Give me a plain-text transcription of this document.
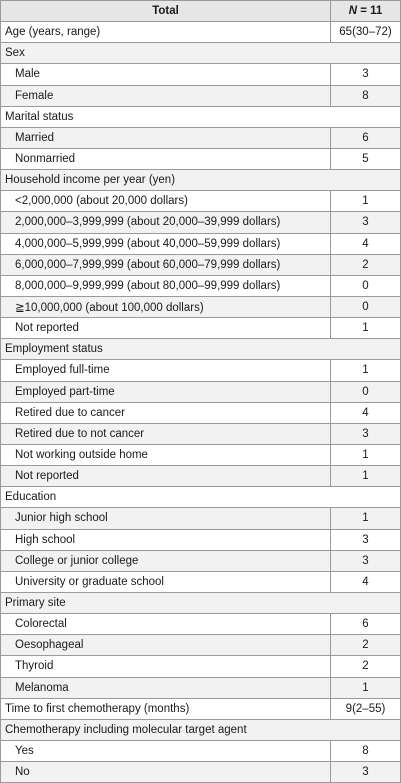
Total	N = 11
Age (years, range)	65(30–72)
Sex	
Male	3
Female	8
Marital status	
Married	6
Nonmarried	5
Household income per year (yen)	
<2,000,000 (about 20,000 dollars)	1
2,000,000–3,999,999 (about 20,000–39,999 dollars)	3
4,000,000–5,999,999 (about 40,000–59,999 dollars)	4
6,000,000–7,999,999 (about 60,000–79,999 dollars)	2
8,000,000–9,999,999 (about 80,000–99,999 dollars)	0
≧10,000,000 (about 100,000 dollars)	0
Not reported	1
Employment status	
Employed full-time	1
Employed part-time	0
Retired due to cancer	4
Retired due to not cancer	3
Not working outside home	1
Not reported	1
Education	
Junior high school	1
High school	3
College or junior college	3
University or graduate school	4
Primary site	
Colorectal	6
Oesophageal	2
Thyroid	2
Melanoma	1
Time to first chemotherapy (months)	9(2–55)
Chemotherapy including molecular target agent	
Yes	8
No	3
